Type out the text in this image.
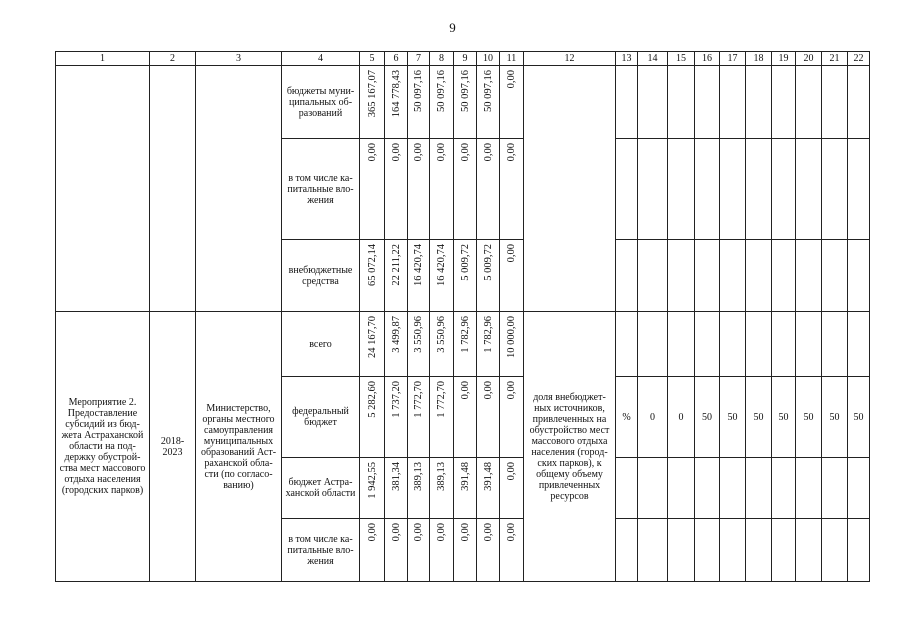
9
1	2	3	4	5	6	7	8	9	10	11	12	13	14	15	16	17	18	19	20	21	22
			бюджеты муни-ципальных об-разований	365 167,07	164 778,43	50 097,16	50 097,16	50 097,16	50 097,16	0,00											
			в том числе ка-питальные вло-жения	0,00	0,00	0,00	0,00	0,00	0,00	0,00											
			внебюджетные средства	65 072,14	22 211,22	16 420,74	16 420,74	5 009,72	5 009,72	0,00											
Мероприятие 2. Предоставление субсидий из бюд-жета Астраханской области на под-держку обустрой-ства мест массового отдыха населения (городских парков)	2018-2023	Министерство, органы местного самоуправления муниципальных образований Аст-раханской обла-сти (по согласо-ванию)	всего	24 167,70	3 499,87	3 550,96	3 550,96	1 782,96	1 782,96	10 000,00	доля внебюджет-ных источников, привлеченных на обустройство мест массового отдыха населения (город-ских парков), к общему объему привлеченных ресурсов										
			федеральный бюджет	5 282,60	1 737,20	1 772,70	1 772,70	0,00	0,00	0,00		%	0	0	50	50	50	50	50	50	50
			бюджет Астра-ханской области	1 942,55	381,34	389,13	389,13	391,48	391,48	0,00											
			в том числе ка-питальные вло-жения	0,00	0,00	0,00	0,00	0,00	0,00	0,00											
